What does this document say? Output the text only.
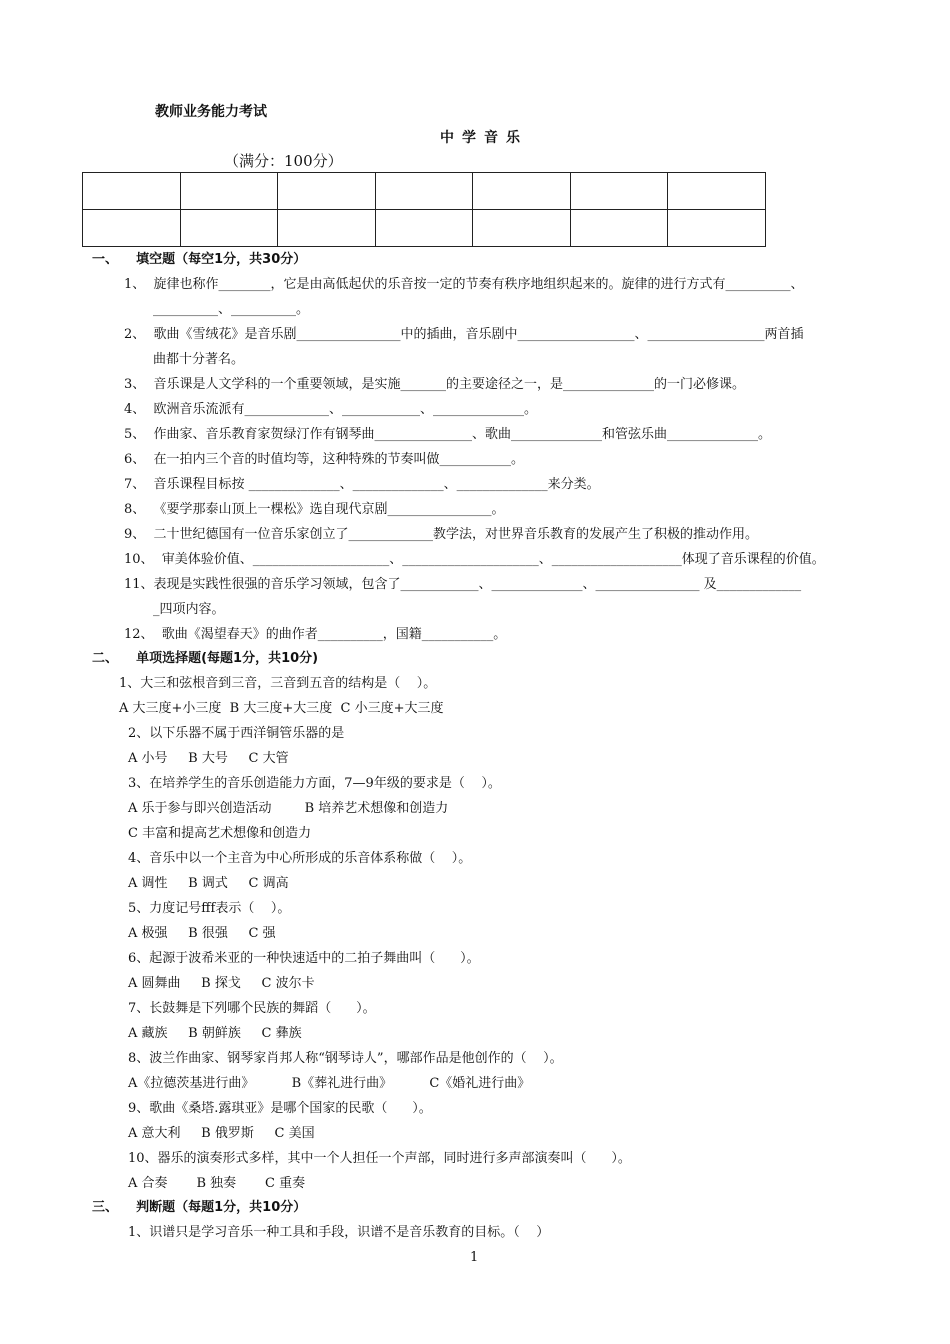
教师业务能力考试
中学音乐
（满分：100分）

一、    填空题（每空1分，共30分）
1、  旋律也称作________，它是由高低起伏的乐音按一定的节奏有秩序地组织起来的。旋律的进行方式有__________、
__________、__________。
2、  歌曲《雪绒花》是音乐剧________________中的插曲，音乐剧中__________________、__________________两首插
曲都十分著名。
3、  音乐课是人文学科的一个重要领域，是实施_______的主要途径之一，是______________的一门必修课。
4、  欧洲音乐流派有_____________、____________、______________。
5、  作曲家、音乐教育家贺绿汀作有钢琴曲_______________、歌曲______________和管弦乐曲______________。
6、  在一拍内三个音的时值均等，这种特殊的节奏叫做___________。
7、  音乐课程目标按 ______________、______________、______________来分类。
8、  《要学那泰山顶上一棵松》选自现代京剧________________。
9、  二十世纪德国有一位音乐家创立了_____________教学法，对世界音乐教育的发展产生了积极的推动作用。
10、  审美体验价值、_____________________、_____________________、____________________体现了音乐课程的价值。
11、表现是实践性很强的音乐学习领域，包含了____________、______________、________________ 及_____________
_四项内容。
12、  歌曲《渴望春天》的曲作者__________，国籍___________。
二、    单项选择题(每题1分，共10分)
1、大三和弦根音到三音，三音到五音的结构是（    ）。
A 大三度+小三度  B 大三度+大三度  C 小三度+大三度
2、以下乐器不属于西洋铜管乐器的是
A 小号     B 大号     C 大管
3、在培养学生的音乐创造能力方面，7—9年级的要求是（    ）。
A 乐于参与即兴创造活动        B 培养艺术想像和创造力
C 丰富和提高艺术想像和创造力
4、音乐中以一个主音为中心所形成的乐音体系称做（    ）。
A 调性     B 调式     C 调高
5、力度记号fff表示（    ）。
A 极强     B 很强     C 强
6、起源于波希米亚的一种快速适中的二拍子舞曲叫（      ）。
A 圆舞曲     B 探戈     C 波尔卡
7、长鼓舞是下列哪个民族的舞蹈（      ）。
A 藏族     B 朝鲜族     C 彝族
8、波兰作曲家、钢琴家肖邦人称“钢琴诗人”，哪部作品是他创作的（    ）。
A《拉德茨基进行曲》         B《葬礼进行曲》         C《婚礼进行曲》
9、歌曲《桑塔.露琪亚》是哪个国家的民歌（      ）。
A 意大利     B 俄罗斯     C 美国
10、器乐的演奏形式多样，其中一个人担任一个声部，同时进行多声部演奏叫（      ）。
A 合奏       B 独奏       C 重奏
三、    判断题（每题1分，共10分）
1、识谱只是学习音乐一种工具和手段，识谱不是音乐教育的目标。（    ）
1
